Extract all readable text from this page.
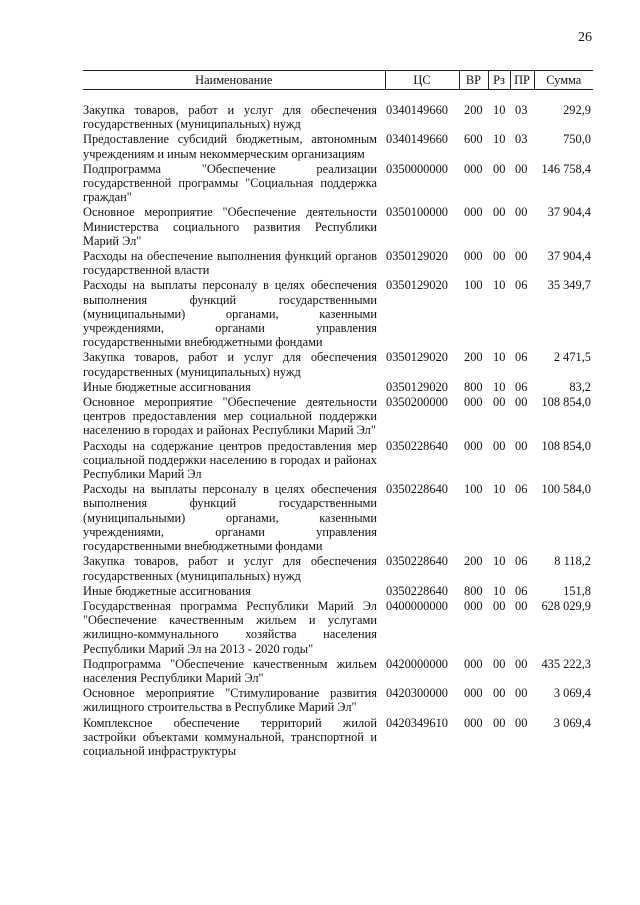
26
Наименование	ЦС	ВР	Рз	ПР	Сумма
Закупка товаров, работ и услуг для обеспечения государственных (муниципальных) нужд	0340149660	200	10	03	292,9
Предоставление субсидий бюджетным, автономным учреждениям и иным некоммерческим организациям	0340149660	600	10	03	750,0
Подпрограмма "Обеспечение реализации государственной программы "Социальная поддержка граждан"	0350000000	000	00	00	146 758,4
Основное мероприятие "Обеспечение деятельности Министерства социального развития Республики Марий Эл"	0350100000	000	00	00	37 904,4
Расходы на обеспечение выполнения функций органов государственной власти	0350129020	000	00	00	37 904,4
Расходы на выплаты персоналу в целях обеспечения выполнения функций государственными (муниципальными) органами, казенными учреждениями, органами управления государственными внебюджетными фондами	0350129020	100	10	06	35 349,7
Закупка товаров, работ и услуг для обеспечения государственных (муниципальных) нужд	0350129020	200	10	06	2 471,5
Иные бюджетные ассигнования	0350129020	800	10	06	83,2
Основное мероприятие "Обеспечение деятельности центров предоставления мер социальной поддержки населению в городах и районах Республики Марий Эл"	0350200000	000	00	00	108 854,0
Расходы на содержание центров предоставления мер социальной поддержки населению в городах и районах Республики Марий Эл	0350228640	000	00	00	108 854,0
Расходы на выплаты персоналу в целях обеспечения выполнения функций государственными (муниципальными) органами, казенными учреждениями, органами управления государственными внебюджетными фондами	0350228640	100	10	06	100 584,0
Закупка товаров, работ и услуг для обеспечения государственных (муниципальных) нужд	0350228640	200	10	06	8 118,2
Иные бюджетные ассигнования	0350228640	800	10	06	151,8
Государственная программа Республики Марий Эл "Обеспечение качественным жильем и услугами жилищно-коммунального хозяйства населения Республики Марий Эл на 2013 - 2020 годы"	0400000000	000	00	00	628 029,9
Подпрограмма "Обеспечение качественным жильем населения Республики Марий Эл"	0420000000	000	00	00	435 222,3
Основное мероприятие "Стимулирование развития жилищного строительства в Республике Марий Эл"	0420300000	000	00	00	3 069,4
Комплексное обеспечение территорий жилой застройки объектами коммунальной, транспортной и социальной инфраструктуры	0420349610	000	00	00	3 069,4
